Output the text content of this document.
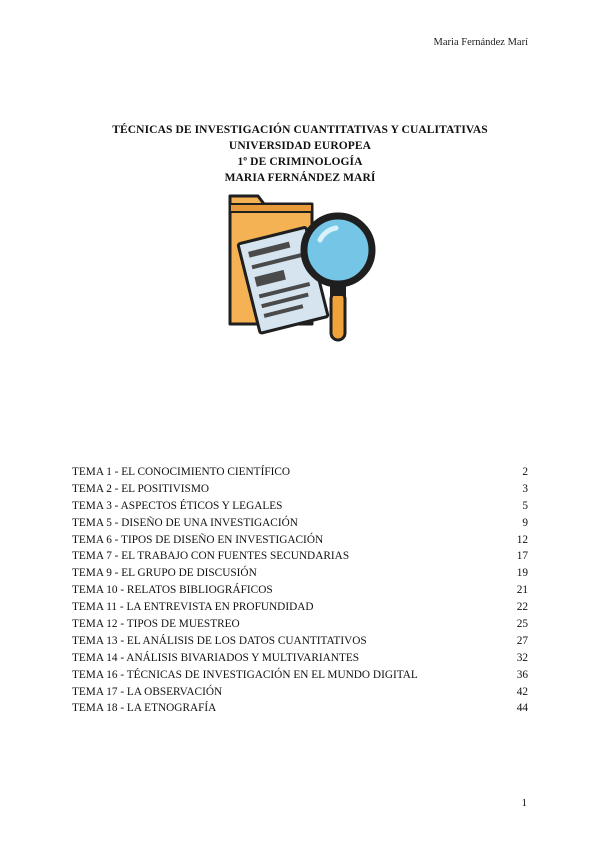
Maria Fernández Marí
TÉCNICAS DE INVESTIGACIÓN CUANTITATIVAS Y CUALITATIVAS
UNIVERSIDAD EUROPEA
1º DE CRIMINOLOGÍA
MARIA FERNÁNDEZ MARÍ
TEMA 1 - EL CONOCIMIENTO CIENTÍFICO	2
TEMA 2 - EL POSITIVISMO	3
TEMA 3 - ASPECTOS ÉTICOS Y LEGALES	5
TEMA 5 - DISEÑO DE UNA INVESTIGACIÓN	9
TEMA 6 - TIPOS DE DISEÑO EN INVESTIGACIÓN	12
TEMA 7 - EL TRABAJO CON FUENTES SECUNDARIAS	17
TEMA 9 - EL GRUPO DE DISCUSIÓN	19
TEMA 10 - RELATOS BIBLIOGRÁFICOS	21
TEMA 11 - LA ENTREVISTA EN PROFUNDIDAD	22
TEMA 12 - TIPOS DE MUESTREO	25
TEMA 13 - EL ANÁLISIS DE LOS DATOS CUANTITATIVOS	27
TEMA 14 - ANÁLISIS BIVARIADOS Y MULTIVARIANTES	32
TEMA 16 - TÉCNICAS DE INVESTIGACIÓN EN EL MUNDO DIGITAL	36
TEMA 17 - LA OBSERVACIÓN	42
TEMA 18 - LA ETNOGRAFÍA	44
1
